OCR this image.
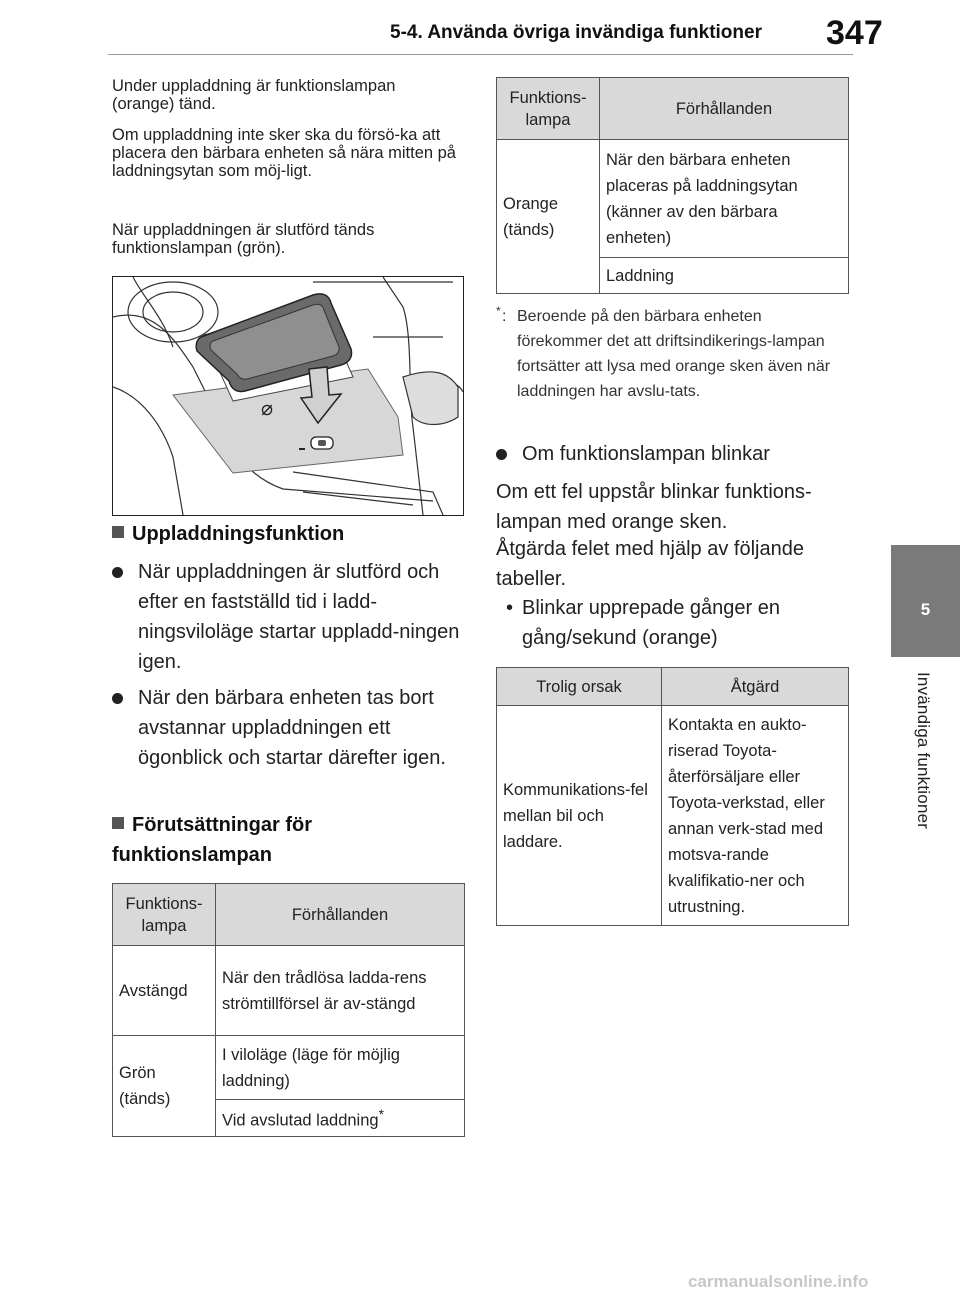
5-4. Använda övriga invändiga funktioner 347
5
Invändiga funktioner

Under uppladdning är funktionslampan (orange) tänd.

Om uppladdning inte sker ska du försö-ka att placera den bärbara enheten så nära mitten på laddningsytan som möj-ligt.

När uppladdningen är slutförd tänds funktionslampan (grön).

⌀
Uppladdningsfunktion
När uppladdningen är slutförd och efter en fastställd tid i ladd-ningsviloläge startar uppladd-ningen igen.
När den bärbara enheten tas bort avstannar uppladdningen ett ögonblick och startar därefter igen.
Förutsättningar för funktionslampan
Funktions-lampa	Förhållanden
Avstängd	När den trådlösa ladda-rens strömtillförsel är av-stängd
Grön (tänds)	I viloläge (läge för möjlig laddning)
	Vid avslutad laddning*
Funktions-lampa	Förhållanden
Orange (tänds)	När den bärbara enheten placeras på laddningsytan (känner av den bärbara enheten)
	Laddning
* : Beroende på den bärbara enheten förekommer det att driftsindikerings-lampan fortsätter att lysa med orange sken även när laddningen har avslu-tats.
Om funktionslampan blinkar
Om ett fel uppstår blinkar funktions-lampan med orange sken.
Åtgärda felet med hjälp av följande tabeller.
• Blinkar upprepade gånger en gång/sekund (orange)
Trolig orsak	Åtgärd
Kommunikations-fel mellan bil och laddare.	Kontakta en aukto-riserad Toyota-återförsäljare eller Toyota-verkstad, eller annan verk-stad med motsva-rande kvalifikatio-ner och utrustning.
carmanualsonline.info
